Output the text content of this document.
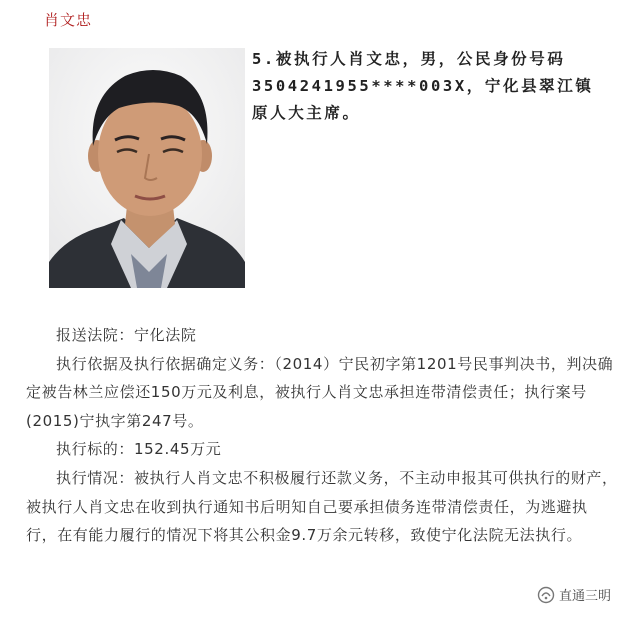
肖文忠
5.被执行人肖文忠，男，公民身份号码3504241955****003X，宁化县翠江镇原人大主席。

报送法院：宁化法院

执行依据及执行依据确定义务：（2014）宁民初字第1201号民事判决书，判决确定被告林兰应偿还150万元及利息，被执行人肖文忠承担连带清偿责任；执行案号(2015)宁执字第247号。

执行标的：152.45万元

执行情况：被执行人肖文忠不积极履行还款义务，不主动申报其可供执行的财产，被执行人肖文忠在收到执行通知书后明知自己要承担债务连带清偿责任，为逃避执行，在有能力履行的情况下将其公积金9.7万余元转移，致使宁化法院无法执行。

直通三明
